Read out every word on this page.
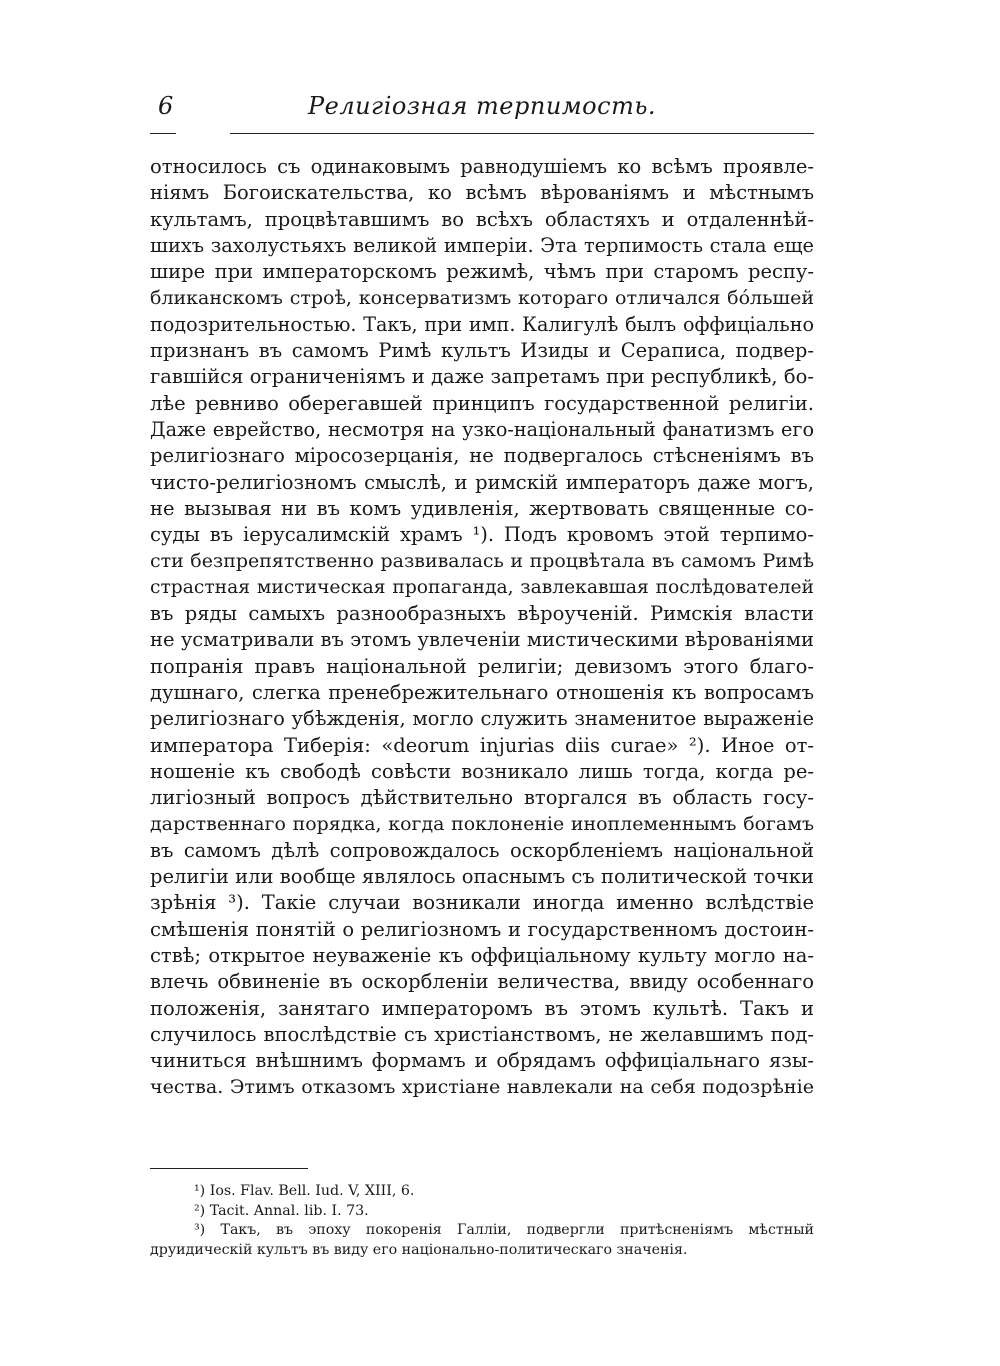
6	Религіозная терпимость.
относилось съ одинаковымъ равнодушіемъ ко всѣмъ проявле-
ніямъ Богоискательства, ко всѣмъ вѣрованіямъ и мѣстнымъ
культамъ, процвѣтавшимъ во всѣхъ областяхъ и отдаленнѣй-
шихъ захолустьяхъ великой имперіи. Эта терпимость стала еще
шире при императорскомъ режимѣ, чѣмъ при старомъ респу-
бликанскомъ строѣ, консерватизмъ котораго отличался бóльшей
подозрительностью. Такъ, при имп. Калигулѣ былъ оффиціально
признанъ въ самомъ Римѣ культъ Изиды и Сераписа, подвер-
гавшійся ограниченіямъ и даже запретамъ при республикѣ, бо-
лѣе ревниво оберегавшей принципъ государственной религіи.
Даже еврейство, несмотря на узко-національный фанатизмъ его
религіознаго міросозерцанія, не подвергалось стѣсненіямъ въ
чисто-религіозномъ смыслѣ, и римскій императоръ даже могъ,
не вызывая ни въ комъ удивленія, жертвовать священные со-
суды въ іерусалимскій храмъ ¹). Подъ кровомъ этой терпимо-
сти безпрепятственно развивалась и процвѣтала въ самомъ Римѣ
страстная мистическая пропаганда, завлекавшая послѣдователей
въ ряды самыхъ разнообразныхъ вѣроученій. Римскія власти
не усматривали въ этомъ увлеченіи мистическими вѣрованіями
попранія правъ національной религіи; девизомъ этого благо-
душнаго, слегка пренебрежительнаго отношенія къ вопросамъ
религіознаго убѣжденія, могло служить знаменитое выраженіе
императора Тиберія: «deorum injurias diis curae» ²). Иное от-
ношеніе къ свободѣ совѣсти возникало лишь тогда, когда ре-
лигіозный вопросъ дѣйствительно вторгался въ область госу-
дарственнаго порядка, когда поклоненіе иноплеменнымъ богамъ
въ самомъ дѣлѣ сопровождалось оскорбленіемъ національной
религіи или вообще являлось опаснымъ съ политической точки
зрѣнія ³). Такіе случаи возникали иногда именно вслѣдствіе
смѣшенія понятій о религіозномъ и государственномъ достоин-
ствѣ; открытое неуваженіе къ оффиціальному культу могло на-
влечь обвиненіе въ оскорбленіи величества, ввиду особеннаго
положенія, занятаго императоромъ въ этомъ культѣ. Такъ и
случилось впослѣдствіе съ христіанствомъ, не желавшимъ под-
чиниться внѣшнимъ формамъ и обрядамъ оффиціальнаго язы-
чества. Этимъ отказомъ христіане навлекали на себя подозрѣніе
¹) Ios. Flav. Bell. Iud. V, XIII, 6.
²) Tacit. Annal. lib. I. 73.
³) Такъ, въ эпоху покоренія Галліи, подвергли притѣсненіямъ мѣстный
друидическій культъ въ виду его національно-политическаго значенія.
